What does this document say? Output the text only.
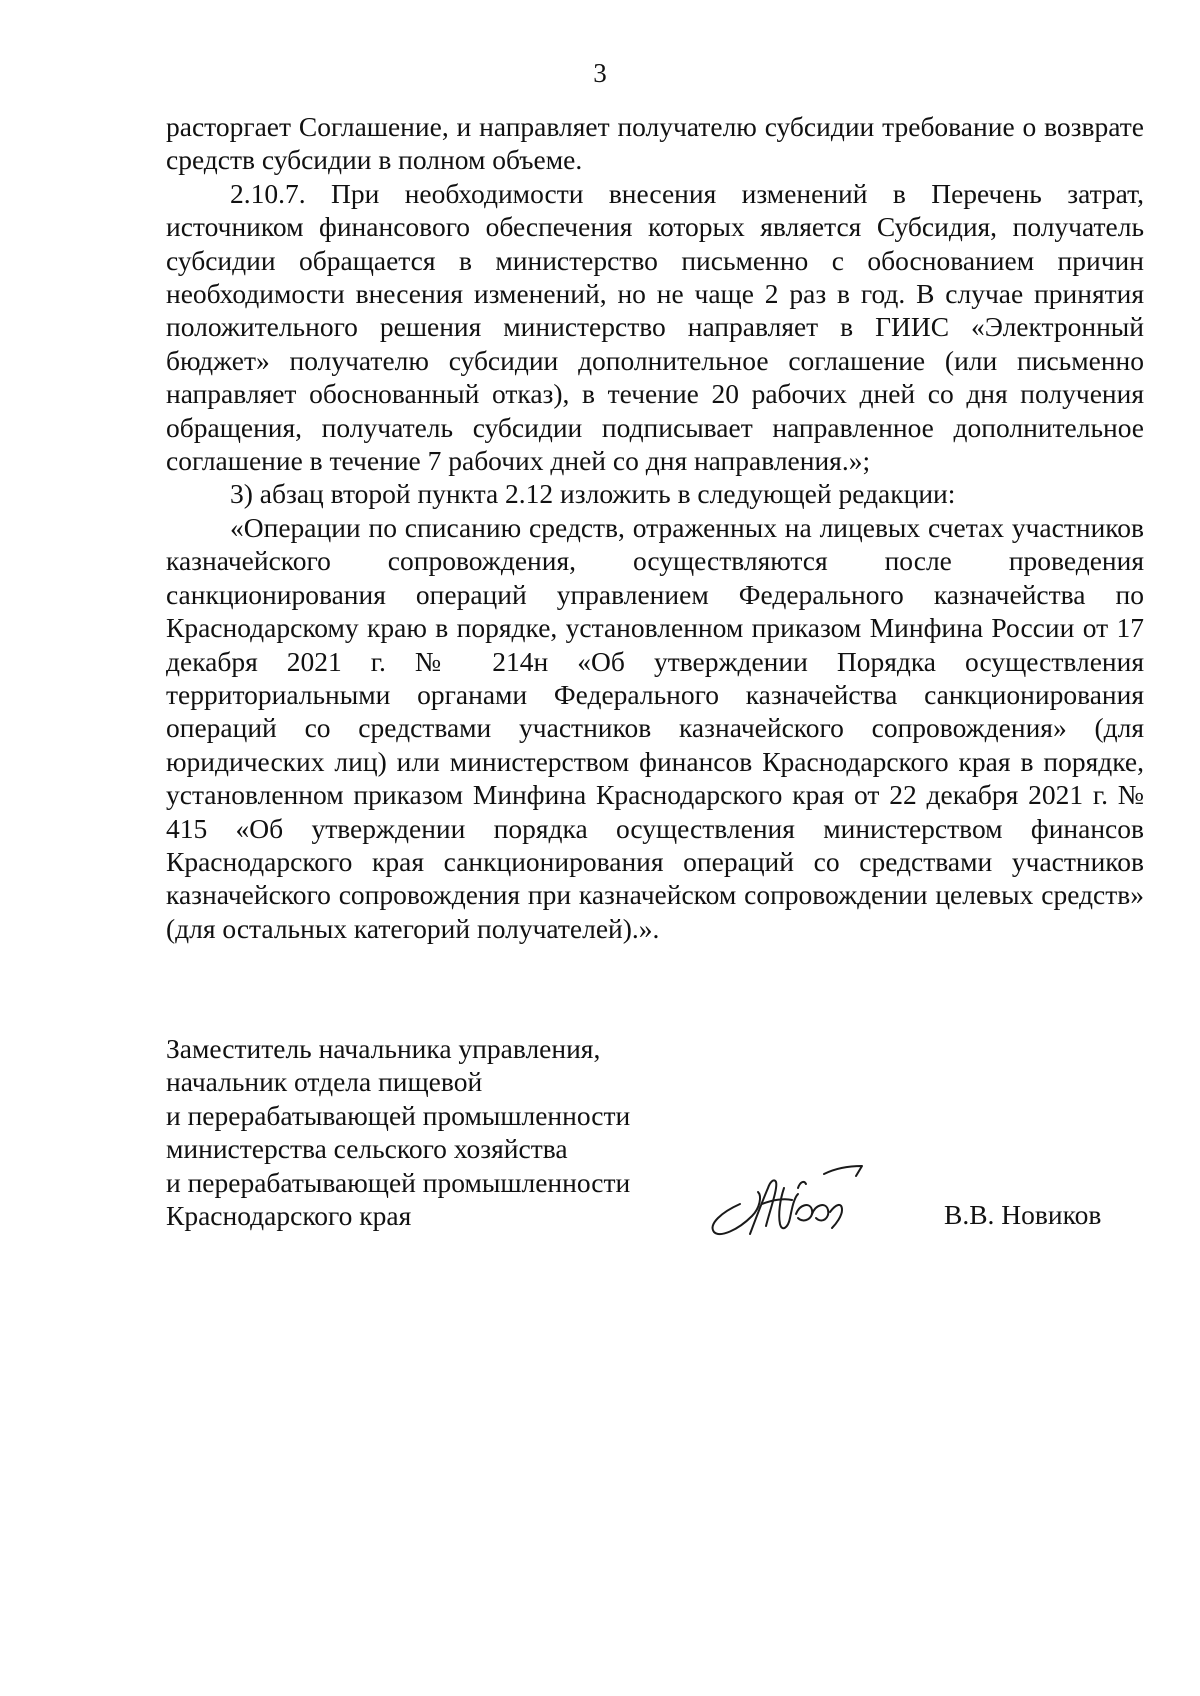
3

расторгает Соглашение, и направляет получателю субсидии требование о возврате средств субсидии в полном объеме.

2.10.7. При необходимости внесения изменений в Перечень затрат, источником финансового обеспечения которых является Субсидия, получатель субсидии обращается в министерство письменно с обоснованием причин необходимости внесения изменений, но не чаще 2 раз в год. В случае принятия положительного решения министерство направляет в ГИИС «Электронный бюджет» получателю субсидии дополнительное соглашение (или письменно направляет обоснованный отказ), в течение 20 рабочих дней со дня получения обращения, получатель субсидии подписывает направленное дополнительное соглашение в течение 7 рабочих дней со дня направления.»;

3) абзац второй пункта 2.12 изложить в следующей редакции:

«Операции по списанию средств, отраженных на лицевых счетах участников казначейского сопровождения, осуществляются после проведения санкционирования операций управлением Федерального казначейства по Краснодарскому краю в порядке, установленном приказом Минфина России от 17 декабря 2021 г. № 214н «Об утверждении Порядка осуществления территориальными органами Федерального казначейства санкционирования операций со средствами участников казначейского сопровождения» (для юридических лиц) или министерством финансов Краснодарского края в порядке, установленном приказом Минфина Краснодарского края от 22 декабря 2021 г. № 415 «Об утверждении порядка осуществления министерством финансов Краснодарского края санкционирования операций со средствами участников казначейского сопровождения при казначейском сопровождении целевых средств» (для остальных категорий получателей).».

Заместитель начальника управления,
начальник отдела пищевой
и перерабатывающей промышленности
министерства сельского хозяйства
и перерабатывающей промышленности
Краснодарского края	В.В. Новиков
